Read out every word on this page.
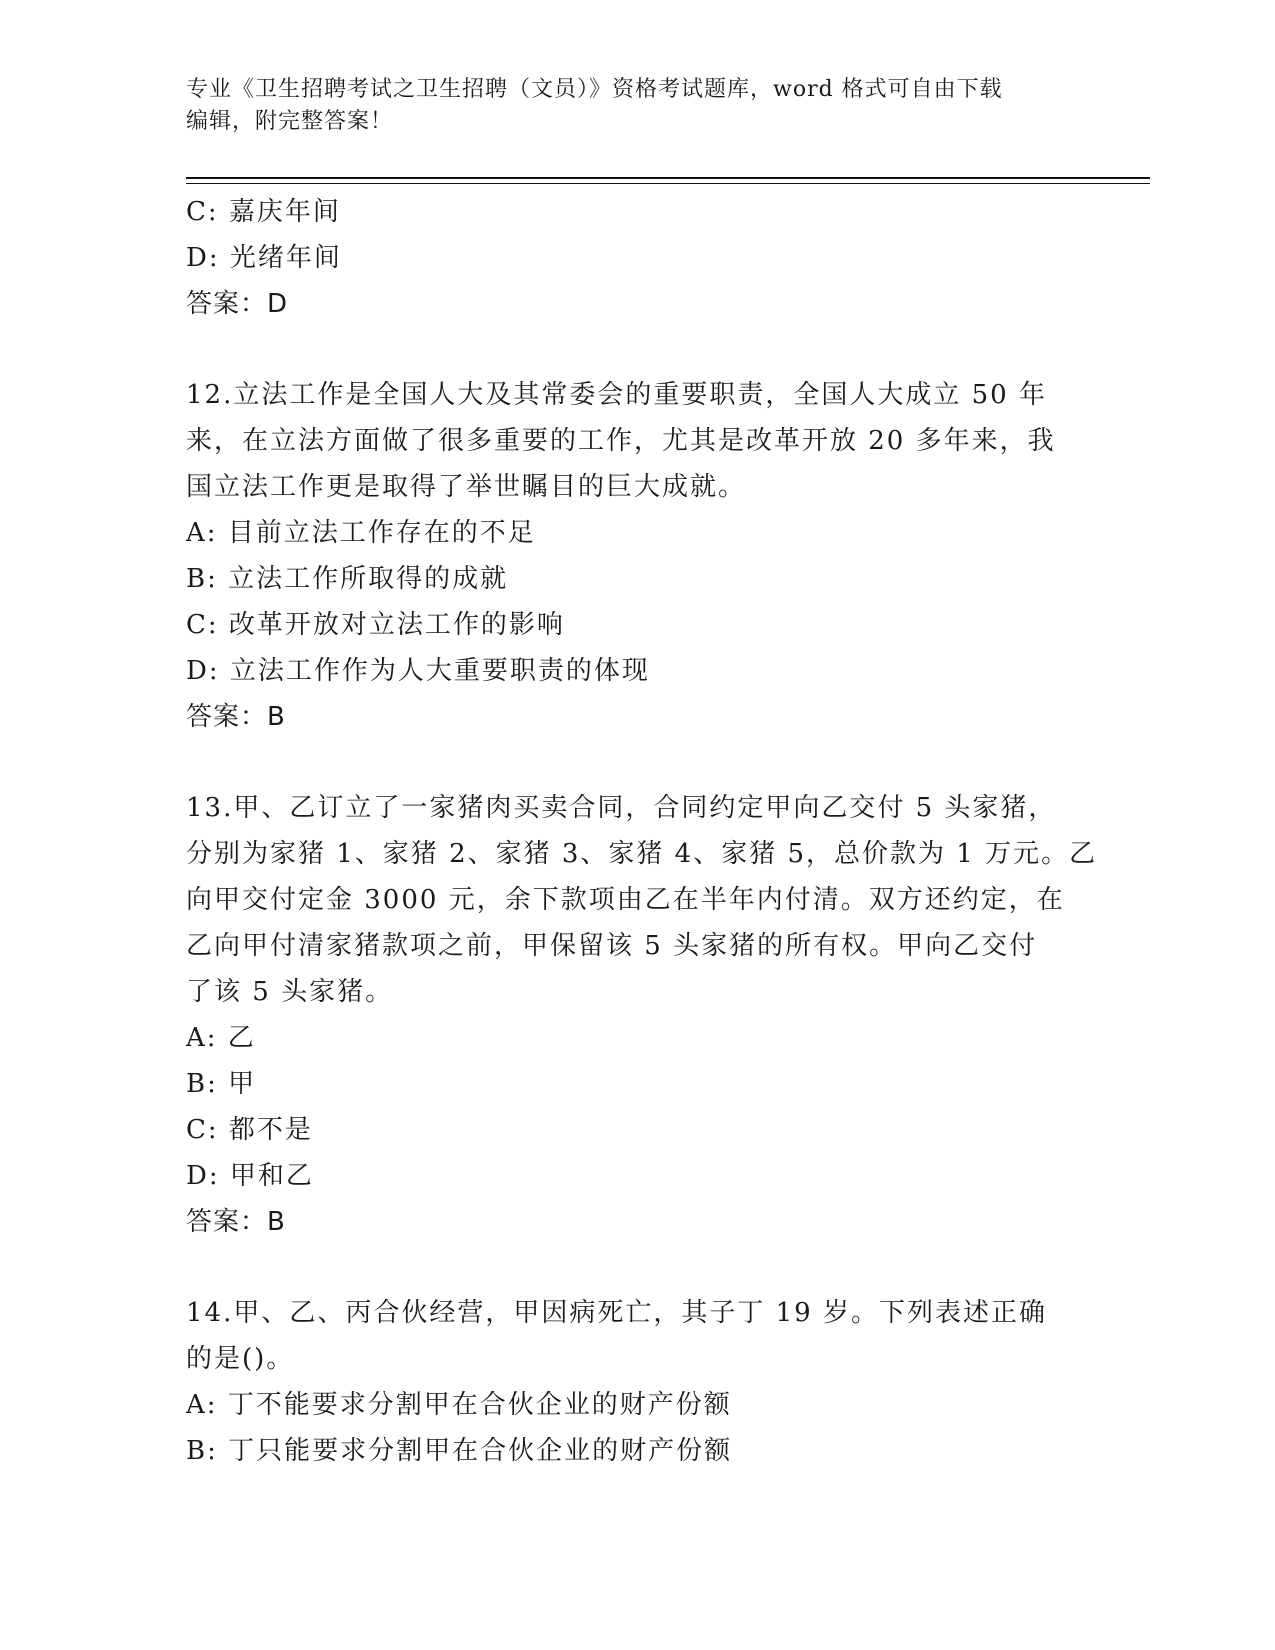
专业《卫生招聘考试之卫生招聘（文员）》资格考试题库，word 格式可自由下载
编辑，附完整答案！
C: 嘉庆年间
D: 光绪年间
答案：D
12.立法工作是全国人大及其常委会的重要职责，全国人大成立 50 年
来，在立法方面做了很多重要的工作，尤其是改革开放 20 多年来，我
国立法工作更是取得了举世瞩目的巨大成就。
A: 目前立法工作存在的不足
B: 立法工作所取得的成就
C: 改革开放对立法工作的影响
D: 立法工作作为人大重要职责的体现
答案：B
13.甲、乙订立了一家猪肉买卖合同，合同约定甲向乙交付 5 头家猪，
分别为家猪 1、家猪 2、家猪 3、家猪 4、家猪 5，总价款为 1 万元。乙
向甲交付定金 3000 元，余下款项由乙在半年内付清。双方还约定，在
乙向甲付清家猪款项之前，甲保留该 5 头家猪的所有权。甲向乙交付
了该 5 头家猪。
A: 乙
B: 甲
C: 都不是
D: 甲和乙
答案：B
14.甲、乙、丙合伙经营，甲因病死亡，其子丁 19 岁。下列表述正确
的是()。
A: 丁不能要求分割甲在合伙企业的财产份额
B: 丁只能要求分割甲在合伙企业的财产份额
